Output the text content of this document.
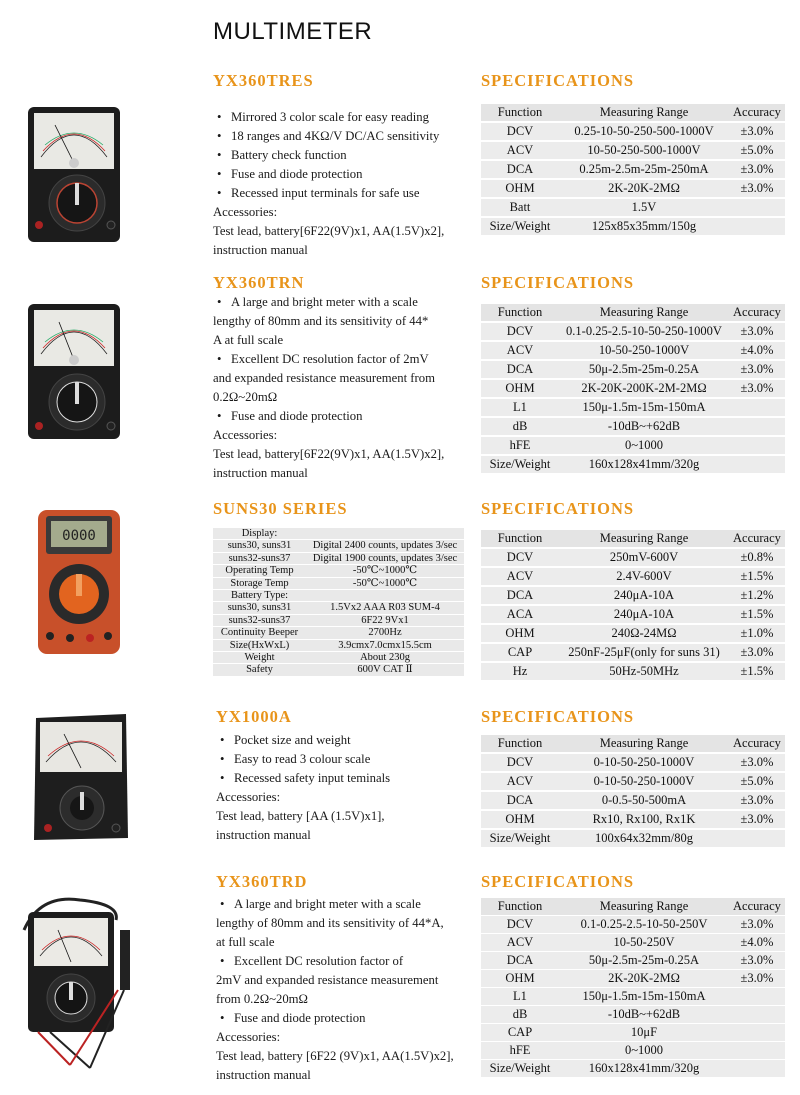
MULTIMETER
YX360TRES
• Mirrored 3 color scale for easy reading
• 18 ranges and 4KΩ/V DC/AC sensitivity
• Battery check function
• Fuse and diode protection
• Recessed input terminals for safe use
Accessories:
Test lead, battery[6F22(9V)x1, AA(1.5V)x2],
instruction manual
SPECIFICATIONS
Function	Measuring Range	Accuracy
DCV	0.25-10-50-250-500-1000V	±3.0%
ACV	10-50-250-500-1000V	±5.0%
DCA	0.25m-2.5m-25m-250mA	±3.0%
OHM	2K-20K-2MΩ	±3.0%
Batt	1.5V	
Size/Weight	125x85x35mm/150g	
YX360TRN
• A large and bright meter with a scale
lengthy of 80mm and its sensitivity of 44*
A at full scale
• Excellent DC resolution factor of 2mV
and expanded resistance measurement from
0.2Ω~20mΩ
• Fuse and diode protection
Accessories:
Test lead, battery[6F22(9V)x1, AA(1.5V)x2],
instruction manual
SPECIFICATIONS
Function	Measuring Range	Accuracy
DCV	0.1-0.25-2.5-10-50-250-1000V	±3.0%
ACV	10-50-250-1000V	±4.0%
DCA	50μ-2.5m-25m-0.25A	±3.0%
OHM	2K-20K-200K-2M-2MΩ	±3.0%
L1	150μ-1.5m-15m-150mA	
dB	-10dB~+62dB	
hFE	0~1000	
Size/Weight	160x128x41mm/320g	
0000
SUNS30 SERIES
Display:	
suns30, suns31	Digital 2400 counts, updates 3/sec
suns32-suns37	Digital 1900 counts, updates 3/sec
Operating Temp	-50℃~1000℃
Storage Temp	-50℃~1000℃
Battery Type:	
suns30, suns31	1.5Vx2 AAA R03 SUM-4
suns32-suns37	6F22 9Vx1
Continuity Beeper	2700Hz
Size(HxWxL)	3.9cmx7.0cmx15.5cm
Weight	About 230g
Safety	600V CAT Ⅱ
SPECIFICATIONS
Function	Measuring Range	Accuracy
DCV	250mV-600V	±0.8%
ACV	2.4V-600V	±1.5%
DCA	240μA-10A	±1.2%
ACA	240μA-10A	±1.5%
OHM	240Ω-24MΩ	±1.0%
CAP	250nF-25μF(only for suns 31)	±3.0%
Hz	50Hz-50MHz	±1.5%
YX1000A
• Pocket size and weight
• Easy to read 3 colour scale
• Recessed safety input teminals
Accessories:
Test lead, battery [AA (1.5V)x1],
instruction manual
SPECIFICATIONS
Function	Measuring Range	Accuracy
DCV	0-10-50-250-1000V	±3.0%
ACV	0-10-50-250-1000V	±5.0%
DCA	0-0.5-50-500mA	±3.0%
OHM	Rx10, Rx100, Rx1K	±3.0%
Size/Weight	100x64x32mm/80g	
YX360TRD
• A large and bright meter with a scale
lengthy of 80mm and its sensitivity of 44*A,
at full scale
• Excellent DC resolution factor of
2mV and expanded resistance measurement
from 0.2Ω~20mΩ
• Fuse and diode protection
Accessories:
Test lead, battery [6F22 (9V)x1, AA(1.5V)x2],
instruction manual
SPECIFICATIONS
Function	Measuring Range	Accuracy
DCV	0.1-0.25-2.5-10-50-250V	±3.0%
ACV	10-50-250V	±4.0%
DCA	50μ-2.5m-25m-0.25A	±3.0%
OHM	2K-20K-2MΩ	±3.0%
L1	150μ-1.5m-15m-150mA	
dB	-10dB~+62dB	
CAP	10μF	
hFE	0~1000	
Size/Weight	160x128x41mm/320g	
